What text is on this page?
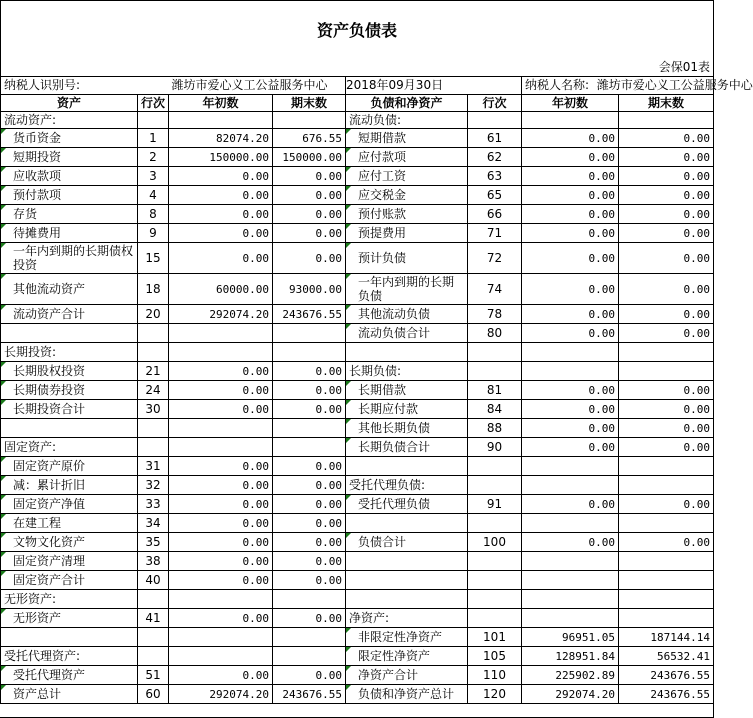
资产负债表							
会保01表							
纳税人识别号:		潍坊市爱心义工公益服务中心		2018年09月30日		纳税人名称: 潍坊市爱心义工公益服务中心	
资产	行次	年初数	期末数	负债和净资产	行次	年初数	期末数
流动资产:				流动负债:			
货币资金	1	82074.20	676.55	短期借款	61	0.00	0.00
短期投资	2	150000.00	150000.00	应付款项	62	0.00	0.00
应收款项	3	0.00	0.00	应付工资	63	0.00	0.00
预付款项	4	0.00	0.00	应交税金	65	0.00	0.00
存货	8	0.00	0.00	预付账款	66	0.00	0.00
待摊费用	9	0.00	0.00	预提费用	71	0.00	0.00
一年内到期的长期债权投资	15	0.00	0.00	预计负债	72	0.00	0.00
其他流动资产	18	60000.00	93000.00	一年内到期的长期负债	74	0.00	0.00
流动资产合计	20	292074.20	243676.55	其他流动负债	78	0.00	0.00
				流动负债合计	80	0.00	0.00
长期投资:							
长期股权投资	21	0.00	0.00	长期负债:			
长期债券投资	24	0.00	0.00	长期借款	81	0.00	0.00
长期投资合计	30	0.00	0.00	长期应付款	84	0.00	0.00
				其他长期负债	88	0.00	0.00
固定资产:				长期负债合计	90	0.00	0.00
固定资产原价	31	0.00	0.00				
减：累计折旧	32	0.00	0.00	受托代理负债:			
固定资产净值	33	0.00	0.00	受托代理负债	91	0.00	0.00
在建工程	34	0.00	0.00				
文物文化资产	35	0.00	0.00	负债合计	100	0.00	0.00
固定资产清理	38	0.00	0.00				
固定资产合计	40	0.00	0.00				
无形资产:							
无形资产	41	0.00	0.00	净资产:			
				非限定性净资产	101	96951.05	187144.14
受托代理资产:				限定性净资产	105	128951.84	56532.41
受托代理资产	51	0.00	0.00	净资产合计	110	225902.89	243676.55
资产总计	60	292074.20	243676.55	负债和净资产总计	120	292074.20	243676.55
